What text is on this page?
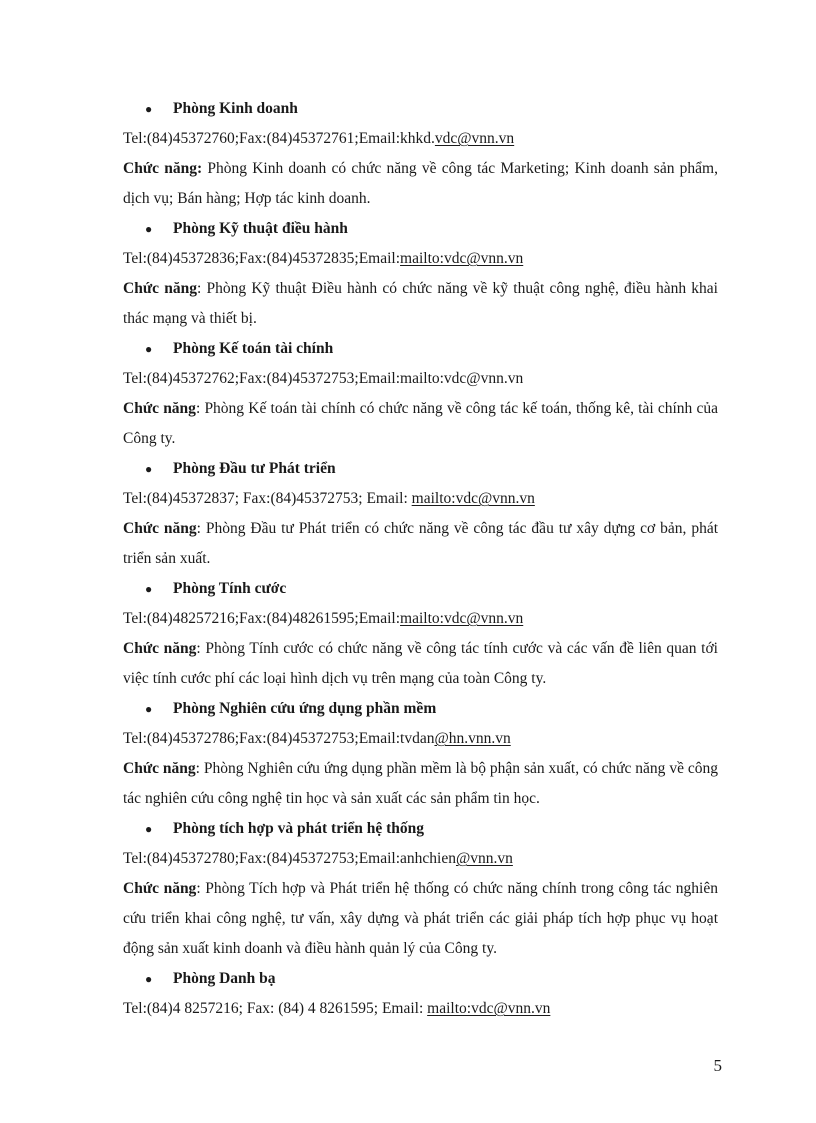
●	Phòng Kinh doanh
Tel:(84)45372760;Fax:(84)45372761;Email:khkd.vdc@vnn.vn
Chức năng: Phòng Kinh doanh có chức năng về công tác Marketing; Kinh doanh sản phẩm, dịch vụ; Bán hàng; Hợp tác kinh doanh.
●	Phòng Kỹ thuật điều hành
Tel:(84)45372836;Fax:(84)45372835;Email:mailto:vdc@vnn.vn
Chức năng: Phòng Kỹ thuật Điều hành có chức năng về kỹ thuật công nghệ, điều hành khai thác mạng và thiết bị.
●	Phòng Kế toán tài chính
Tel:(84)45372762;Fax:(84)45372753;Email:mailto:vdc@vnn.vn
Chức năng: Phòng Kế toán tài chính có chức năng về công tác kế toán, thống kê, tài chính của Công ty.
●	Phòng Đầu tư Phát triển
Tel:(84)45372837; Fax:(84)45372753; Email: mailto:vdc@vnn.vn
Chức năng: Phòng Đầu tư Phát triển có chức năng về công tác đầu tư xây dựng cơ bản, phát triển sản xuất.
●	Phòng Tính cước
Tel:(84)48257216;Fax:(84)48261595;Email:mailto:vdc@vnn.vn
Chức năng: Phòng Tính cước có chức năng về công tác tính cước và các vấn đề liên quan tới việc tính cước phí các loại hình dịch vụ trên mạng của toàn Công ty.
●	Phòng Nghiên cứu ứng dụng phần mềm
Tel:(84)45372786;Fax:(84)45372753;Email:tvdan@hn.vnn.vn
Chức năng: Phòng Nghiên cứu ứng dụng phần mềm là bộ phận sản xuất, có chức năng về công tác nghiên cứu công nghệ tin học và sản xuất các sản phẩm tin học.
●	Phòng tích hợp và phát triển hệ thống
Tel:(84)45372780;Fax:(84)45372753;Email:anhchien@vnn.vn
Chức năng: Phòng Tích hợp và Phát triển hệ thống có chức năng chính trong công tác nghiên cứu triển khai công nghệ, tư vấn, xây dựng và phát triển các giải pháp tích hợp phục vụ hoạt động sản xuất kinh doanh và điều hành quản lý của Công ty.
●	Phòng Danh bạ
Tel:(84)4 8257216; Fax: (84) 4 8261595; Email: mailto:vdc@vnn.vn
5
